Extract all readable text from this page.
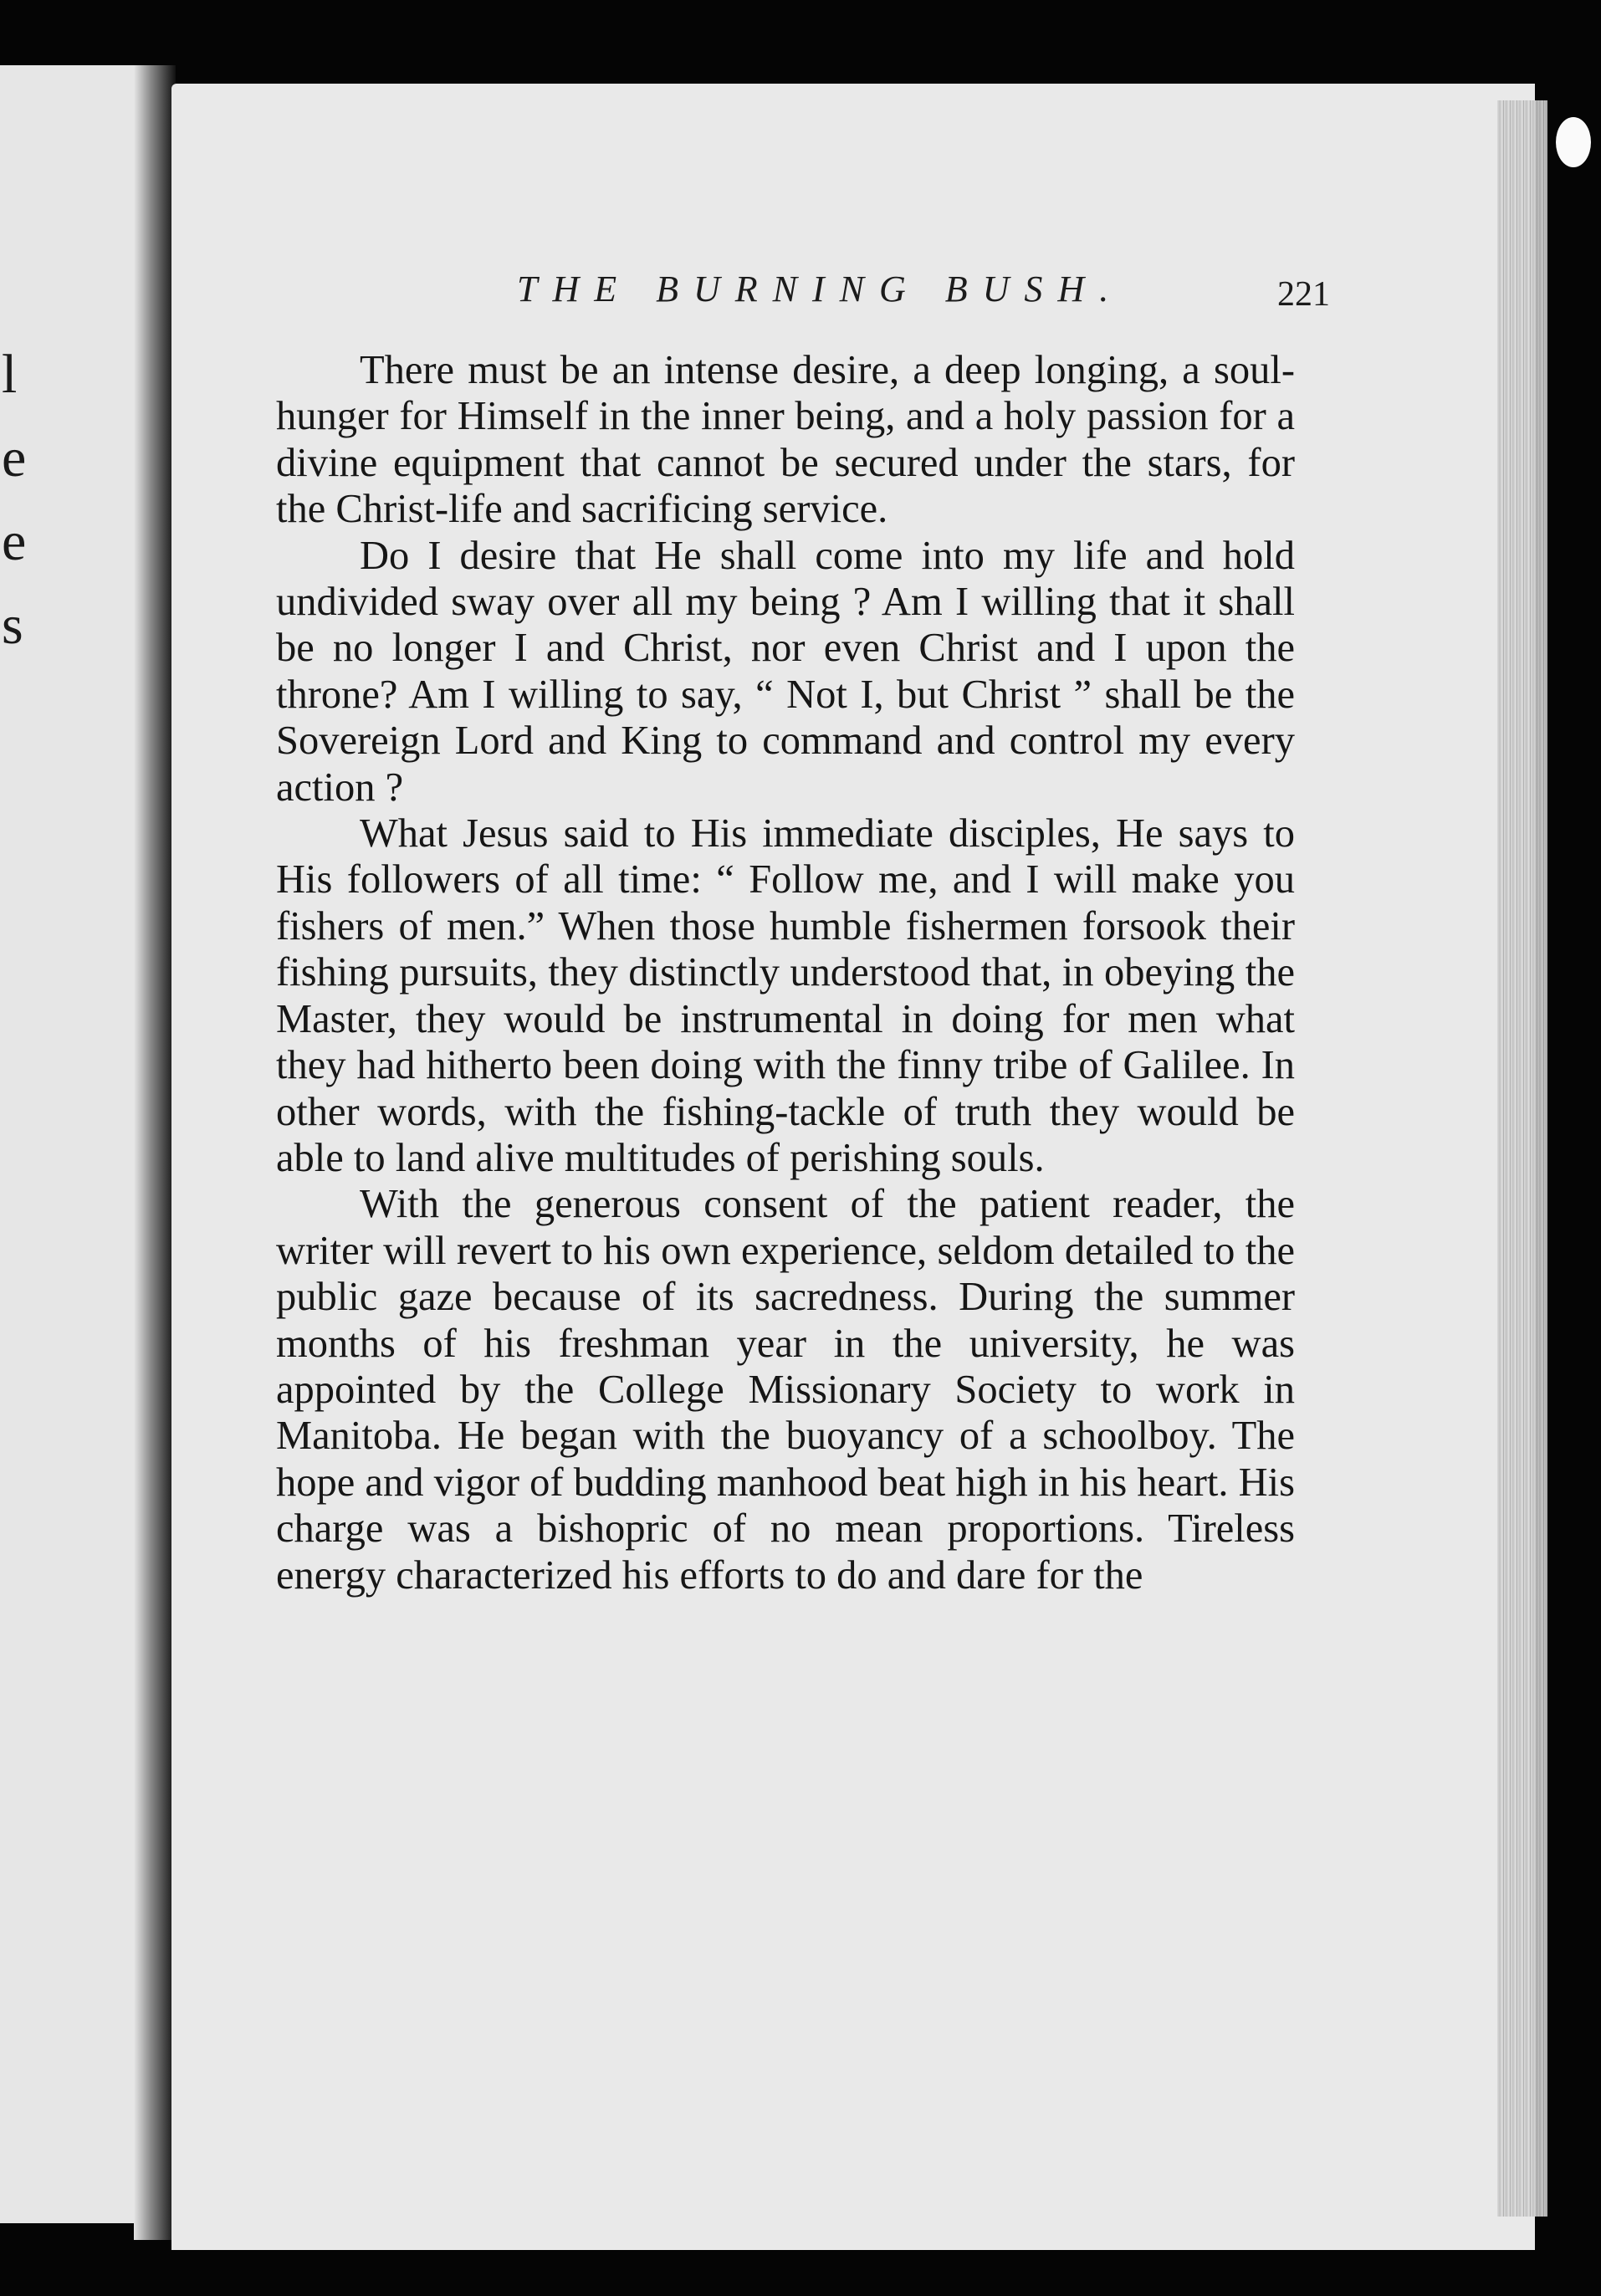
l
e
e
s
THE BURNING BUSH.	221

There must be an intense desire, a deep longing, a soul-hunger for Himself in the inner being, and a holy passion for a divine equipment that cannot be secured under the stars, for the Christ-life and sacrificing service.

Do I desire that He shall come into my life and hold undivided sway over all my being ? Am I willing that it shall be no longer I and Christ, nor even Christ and I upon the throne? Am I willing to say, “ Not I, but Christ ” shall be the Sovereign Lord and King to command and control my every action ?

What Jesus said to His immediate disciples, He says to His followers of all time: “ Follow me, and I will make you fishers of men.” When those humble fishermen forsook their fishing pursuits, they distinctly understood that, in obeying the Master, they would be instrumental in doing for men what they had hitherto been doing with the finny tribe of Galilee. In other words, with the fishing-tackle of truth they would be able to land alive multitudes of perishing souls.

With the generous consent of the patient reader, the writer will revert to his own experience, seldom detailed to the public gaze because of its sacredness. During the summer months of his freshman year in the university, he was appointed by the College Missionary Society to work in Manitoba. He began with the buoyancy of a schoolboy. The hope and vigor of budding manhood beat high in his heart. His charge was a bishopric of no mean proportions. Tireless energy characterized his efforts to do and dare for the
